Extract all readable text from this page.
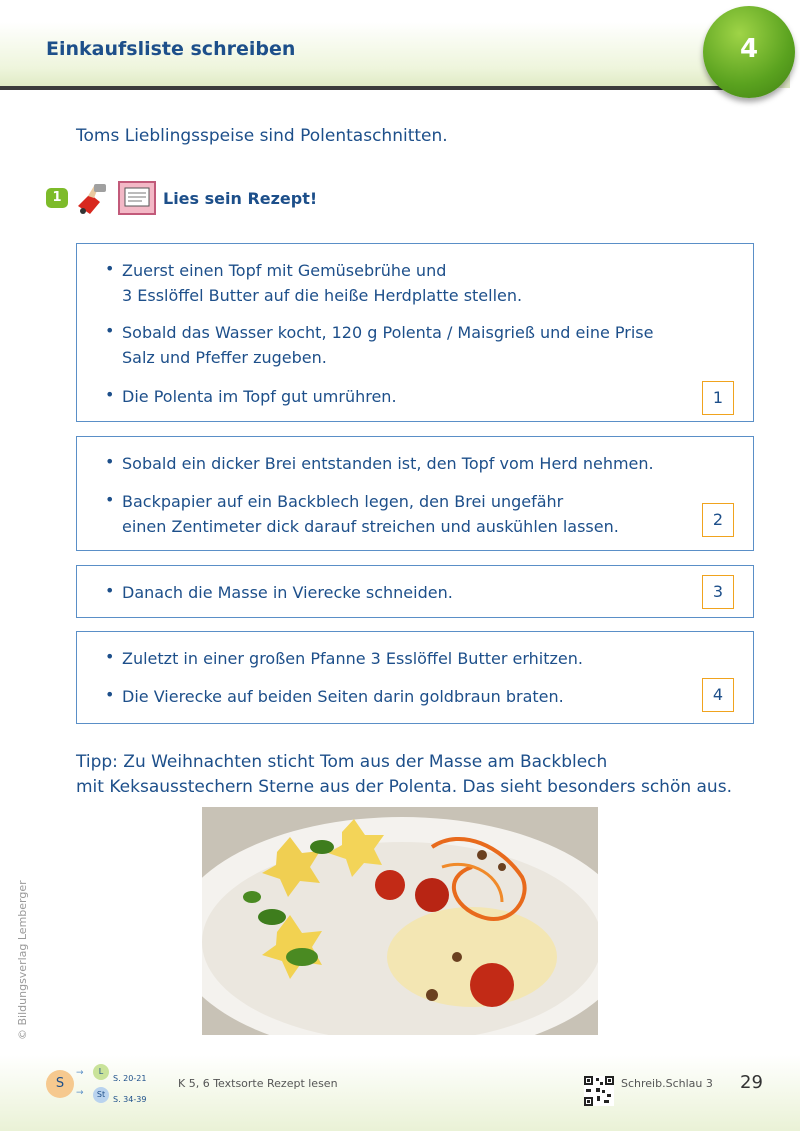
Einkaufsliste schreiben	4
Toms Lieblingsspeise sind Polentaschnitten.
1	Lies sein Rezept!
• Zuerst einen Topf mit Gemüsebrühe und
3 Esslöffel Butter auf die heiße Herdplatte stellen.
• Sobald das Wasser kocht, 120 g Polenta / Maisgrieß und eine Prise
Salz und Pfeffer zugeben.
• Die Polenta im Topf gut umrühren.	1
• Sobald ein dicker Brei entstanden ist, den Topf vom Herd nehmen.
• Backpapier auf ein Backblech legen, den Brei ungefähr
einen Zentimeter dick darauf streichen und auskühlen lassen.	2
• Danach die Masse in Vierecke schneiden.	3
• Zuletzt in einer großen Pfanne 3 Esslöffel Butter erhitzen.
• Die Vierecke auf beiden Seiten darin goldbraun braten.	4
Tipp: Zu Weihnachten sticht Tom aus der Masse am Backblech
mit Keksausstechern Sterne aus der Polenta. Das sieht besonders schön aus.
© Bildungsverlag Lemberger
S
→	L
S. 20-21
→	St
S. 34-39
K 5, 6 Textsorte Rezept lesen	Schreib.Schlau 3 29
